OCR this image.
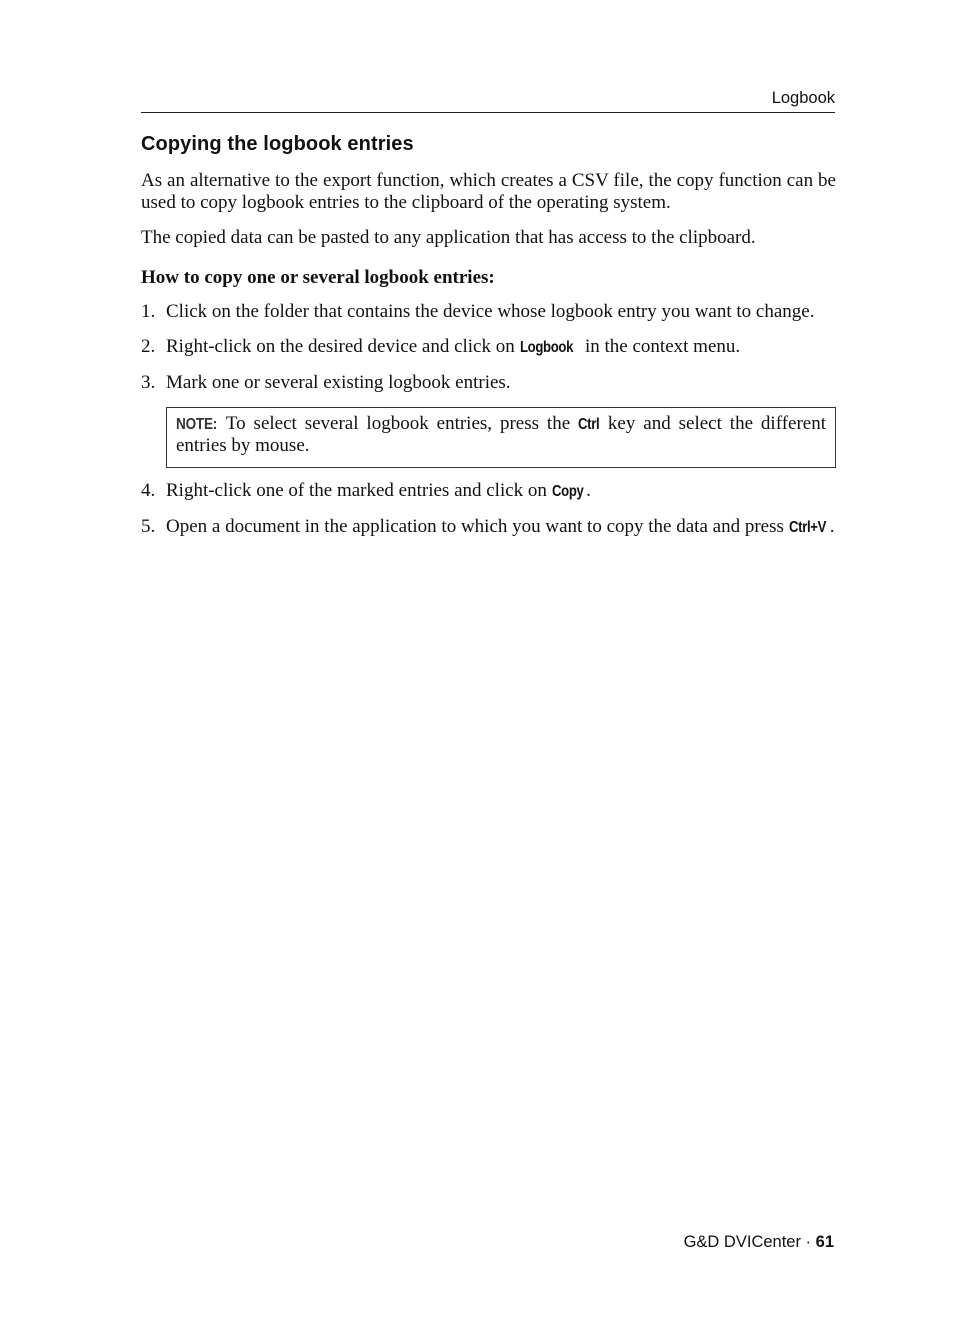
Logbook
Copying the logbook entries

As an alternative to the export function, which creates a CSV file, the copy function can be used to copy logbook entries to the clipboard of the operating system.

The copied data can be pasted to any application that has access to the clipboard.

How to copy one or several logbook entries:

1. Click on the folder that contains the device whose logbook entry you want to change.
2. Right-click on the desired device and click on Logbook in the context menu.
3. Mark one or several existing logbook entries.
NOTE: To select several logbook entries, press the Ctrl key and select the different entries by mouse.
4. Right-click one of the marked entries and click on Copy .
5. Open a document in the application to which you want to copy the data and press Ctrl+V .
G&D DVICenter · 61
